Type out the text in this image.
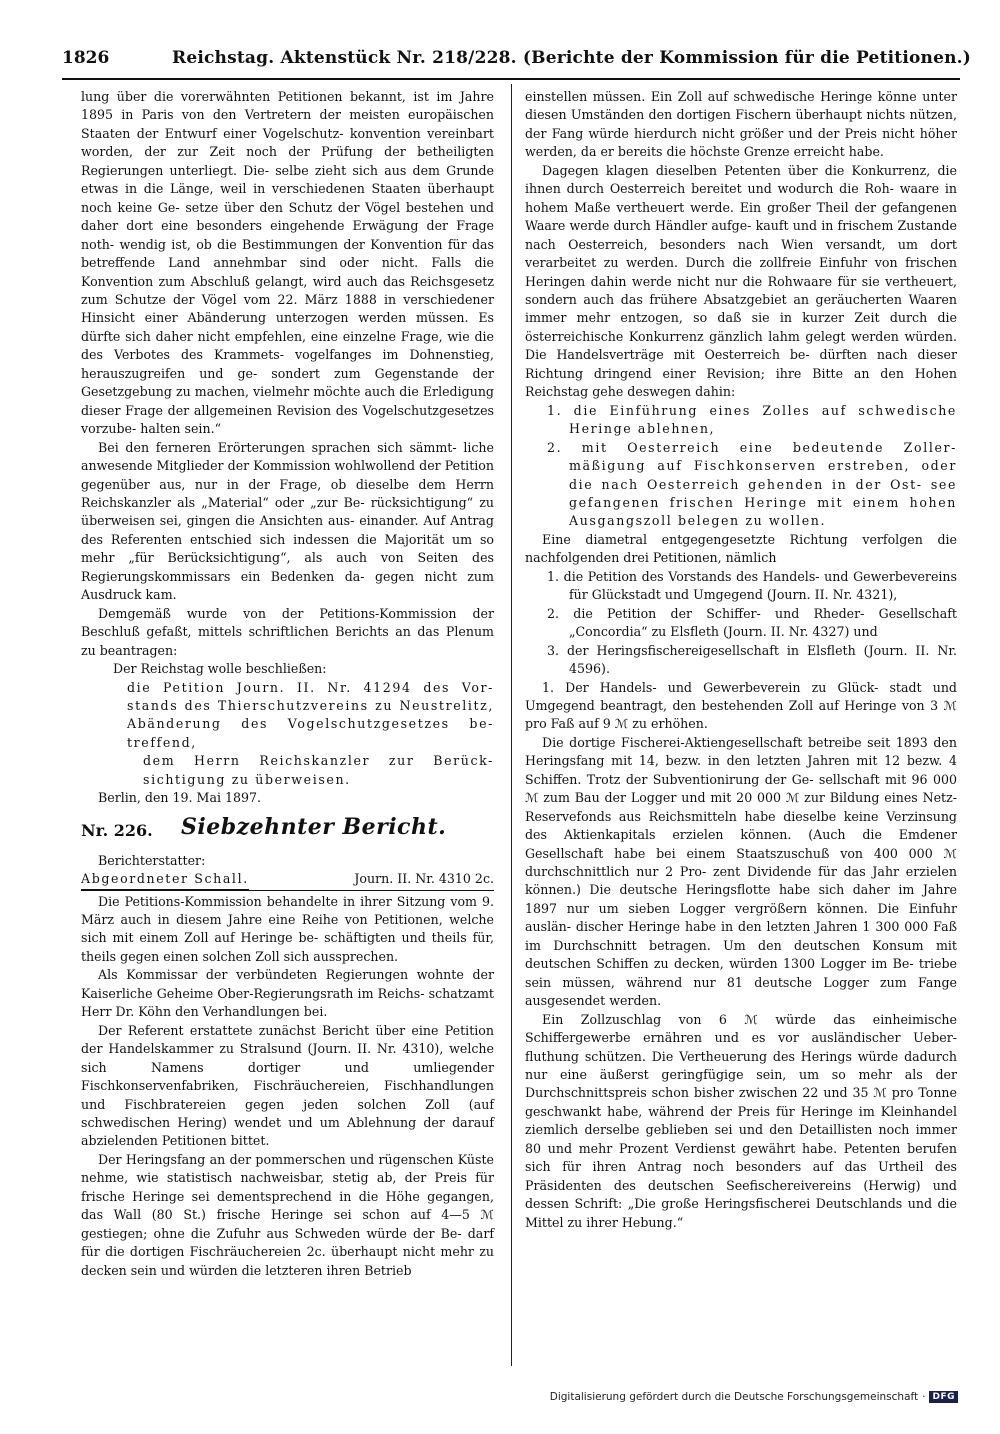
1826	Reichstag. Aktenstück Nr. 218/228. (Berichte der Kommission für die Petitionen.)

lung über die vorerwähnten Petitionen bekannt, ist im Jahre 1895 in Paris von den Vertretern der meisten europäischen Staaten der Entwurf einer Vogelschutz- konvention vereinbart worden, der zur Zeit noch der Prüfung der betheiligten Regierungen unterliegt. Die- selbe zieht sich aus dem Grunde etwas in die Länge, weil in verschiedenen Staaten überhaupt noch keine Ge- setze über den Schutz der Vögel bestehen und daher dort eine besonders eingehende Erwägung der Frage noth- wendig ist, ob die Bestimmungen der Konvention für das betreffende Land annehmbar sind oder nicht. Falls die Konvention zum Abschluß gelangt, wird auch das Reichsgesetz zum Schutze der Vögel vom 22. März 1888 in verschiedener Hinsicht einer Abänderung unterzogen werden müssen. Es dürfte sich daher nicht empfehlen, eine einzelne Frage, wie die des Verbotes des Krammets- vogelfanges im Dohnenstieg, herauszugreifen und ge- sondert zum Gegenstande der Gesetzgebung zu machen, vielmehr möchte auch die Erledigung dieser Frage der allgemeinen Revision des Vogelschutzgesetzes vorzube- halten sein.“

Bei den ferneren Erörterungen sprachen sich sämmt- liche anwesende Mitglieder der Kommission wohlwollend der Petition gegenüber aus, nur in der Frage, ob dieselbe dem Herrn Reichskanzler als „Material“ oder „zur Be- rücksichtigung“ zu überweisen sei, gingen die Ansichten aus- einander. Auf Antrag des Referenten entschied sich indessen die Majorität um so mehr „für Berücksichtigung“, als auch von Seiten des Regierungskommissars ein Bedenken da- gegen nicht zum Ausdruck kam.

Demgemäß wurde von der Petitions-Kommission der Beschluß gefaßt, mittels schriftlichen Berichts an das Plenum zu beantragen:

Der Reichstag wolle beschließen:

die Petition Journ. II. Nr. 41294 des Vor- stands des Thierschutzvereins zu Neustrelitz, Abänderung des Vogelschutzgesetzes be- treffend,

dem Herrn Reichskanzler zur Berück- sichtigung zu überweisen.

Berlin, den 19. Mai 1897.

Nr. 226. Siebzehnter Bericht.

Berichterstatter:

Abgeordneter Schall.	Journ. II. Nr. 4310 2c.

Die Petitions-Kommission behandelte in ihrer Sitzung vom 9. März auch in diesem Jahre eine Reihe von Petitionen, welche sich mit einem Zoll auf Heringe be- schäftigten und theils für, theils gegen einen solchen Zoll sich aussprechen.

Als Kommissar der verbündeten Regierungen wohnte der Kaiserliche Geheime Ober-Regierungsrath im Reichs- schatzamt Herr Dr. Köhn den Verhandlungen bei.

Der Referent erstattete zunächst Bericht über eine Petition der Handelskammer zu Stralsund (Journ. II. Nr. 4310), welche sich Namens dortiger und umliegender Fischkonservenfabriken, Fischräuchereien, Fischhandlungen und Fischbratereien gegen jeden solchen Zoll (auf schwedischen Hering) wendet und um Ablehnung der darauf abzielenden Petitionen bittet.

Der Heringsfang an der pommerschen und rügenschen Küste nehme, wie statistisch nachweisbar, stetig ab, der Preis für frische Heringe sei dementsprechend in die Höhe gegangen, das Wall (80 St.) frische Heringe sei schon auf 4—5 ℳ gestiegen; ohne die Zufuhr aus Schweden würde der Be- darf für die dortigen Fischräuchereien 2c. überhaupt nicht mehr zu decken sein und würden die letzteren ihren Betrieb

einstellen müssen. Ein Zoll auf schwedische Heringe könne unter diesen Umständen den dortigen Fischern überhaupt nichts nützen, der Fang würde hierdurch nicht größer und der Preis nicht höher werden, da er bereits die höchste Grenze erreicht habe.

Dagegen klagen dieselben Petenten über die Konkurrenz, die ihnen durch Oesterreich bereitet und wodurch die Roh- waare in hohem Maße vertheuert werde. Ein großer Theil der gefangenen Waare werde durch Händler aufge- kauft und in frischem Zustande nach Oesterreich, besonders nach Wien versandt, um dort verarbeitet zu werden. Durch die zollfreie Einfuhr von frischen Heringen dahin werde nicht nur die Rohwaare für sie vertheuert, sondern auch das frühere Absatzgebiet an geräucherten Waaren immer mehr entzogen, so daß sie in kurzer Zeit durch die österreichische Konkurrenz gänzlich lahm gelegt werden würden. Die Handelsverträge mit Oesterreich be- dürften nach dieser Richtung dringend einer Revision; ihre Bitte an den Hohen Reichstag gehe deswegen dahin:

1. die Einführung eines Zolles auf schwedische Heringe ablehnen,

2. mit Oesterreich eine bedeutende Zoller- mäßigung auf Fischkonserven erstreben, oder die nach Oesterreich gehenden in der Ost- see gefangenen frischen Heringe mit einem hohen Ausgangszoll belegen zu wollen.

Eine diametral entgegengesetzte Richtung verfolgen die nachfolgenden drei Petitionen, nämlich

1. die Petition des Vorstands des Handels- und Gewerbevereins für Glückstadt und Umgegend (Journ. II. Nr. 4321),

2. die Petition der Schiffer- und Rheder- Gesellschaft „Concordia“ zu Elsfleth (Journ. II. Nr. 4327) und

3. der Heringsfischereigesellschaft in Elsfleth (Journ. II. Nr. 4596).

1. Der Handels- und Gewerbeverein zu Glück- stadt und Umgegend beantragt, den bestehenden Zoll auf Heringe von 3 ℳ pro Faß auf 9 ℳ zu erhöhen.

Die dortige Fischerei-Aktiengesellschaft betreibe seit 1893 den Heringsfang mit 14, bezw. in den letzten Jahren mit 12 bezw. 4 Schiffen. Trotz der Subventionirung der Ge- sellschaft mit 96 000 ℳ zum Bau der Logger und mit 20 000 ℳ zur Bildung eines Netz-Reservefonds aus Reichsmitteln habe dieselbe keine Verzinsung des Aktienkapitals erzielen können. (Auch die Emdener Gesellschaft habe bei einem Staatszuschuß von 400 000 ℳ durchschnittlich nur 2 Pro- zent Dividende für das Jahr erzielen können.) Die deutsche Heringsflotte habe sich daher im Jahre 1897 nur um sieben Logger vergrößern können. Die Einfuhr auslän- discher Heringe habe in den letzten Jahren 1 300 000 Faß im Durchschnitt betragen. Um den deutschen Konsum mit deutschen Schiffen zu decken, würden 1300 Logger im Be- triebe sein müssen, während nur 81 deutsche Logger zum Fange ausgesendet werden.

Ein Zollzuschlag von 6 ℳ würde das einheimische Schiffergewerbe ernähren und es vor ausländischer Ueber- fluthung schützen. Die Vertheuerung des Herings würde dadurch nur eine äußerst geringfügige sein, um so mehr als der Durchschnittspreis schon bisher zwischen 22 und 35 ℳ pro Tonne geschwankt habe, während der Preis für Heringe im Kleinhandel ziemlich derselbe geblieben sei und den Detaillisten noch immer 80 und mehr Prozent Verdienst gewährt habe. Petenten berufen sich für ihren Antrag noch besonders auf das Urtheil des Präsidenten des deutschen Seefischereivereins (Herwig) und dessen Schrift: „Die große Heringsfischerei Deutschlands und die Mittel zu ihrer Hebung.“

Digitalisierung gefördert durch die Deutsche Forschungsgemeinschaft · DFG
